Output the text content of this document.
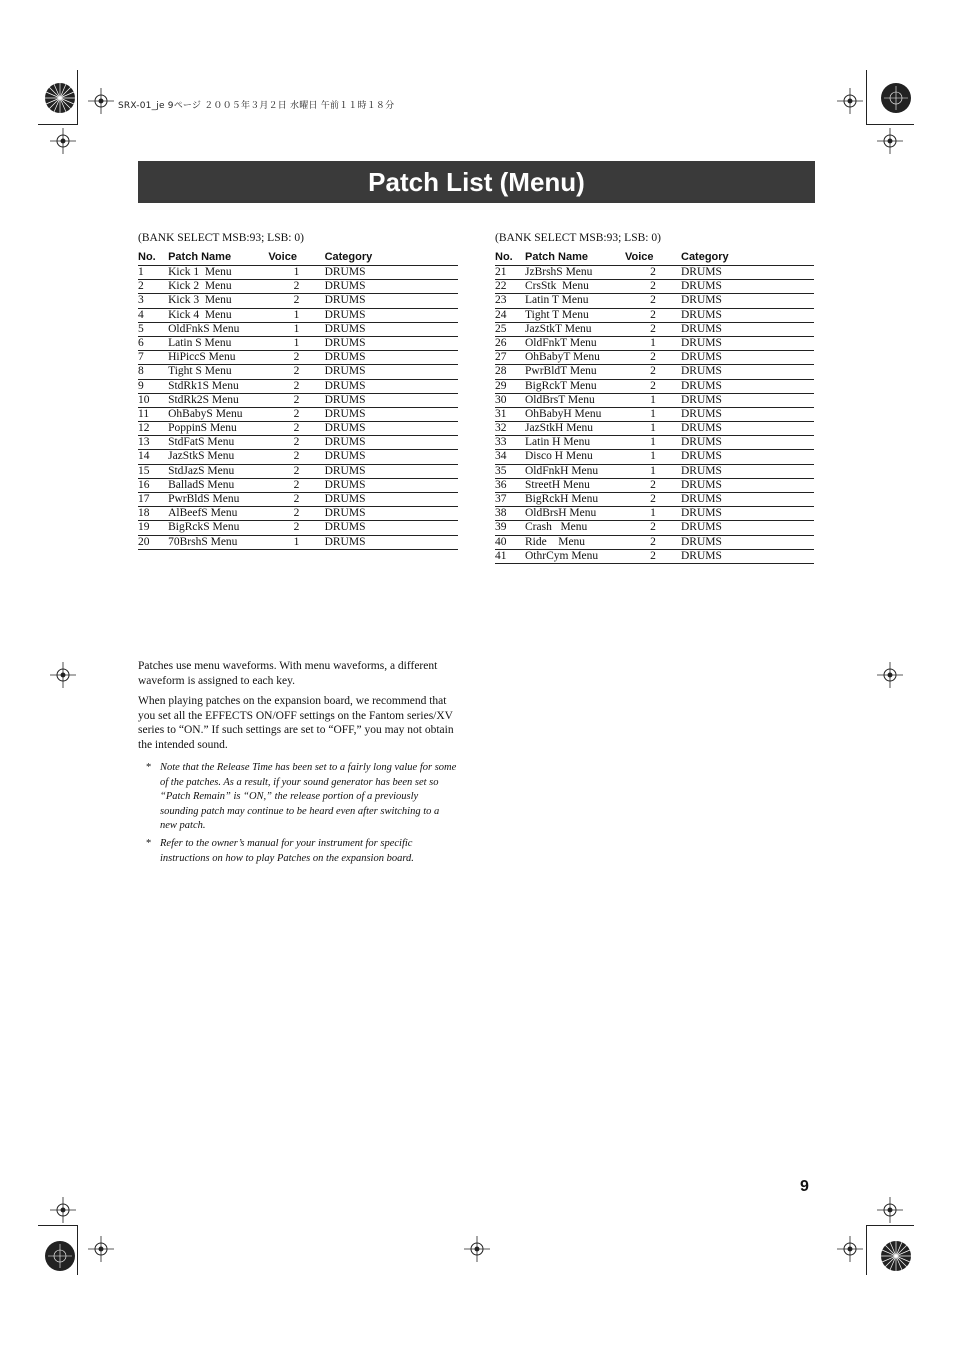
SRX-01_je 9ページ ２００５年３月２日 水曜日 午前１１時１８分
Patch List (Menu)
(BANK SELECT MSB:93; LSB: 0)
No.	Patch Name	Voice	Category
1	Kick 1  Menu	1	DRUMS
2	Kick 2  Menu	2	DRUMS
3	Kick 3  Menu	2	DRUMS
4	Kick 4  Menu	1	DRUMS
5	OldFnkS Menu	1	DRUMS
6	Latin S Menu	1	DRUMS
7	HiPiccS Menu	2	DRUMS
8	Tight S Menu	2	DRUMS
9	StdRk1S Menu	2	DRUMS
10	StdRk2S Menu	2	DRUMS
11	OhBabyS Menu	2	DRUMS
12	PoppinS Menu	2	DRUMS
13	StdFatS Menu	2	DRUMS
14	JazStkS Menu	2	DRUMS
15	StdJazS Menu	2	DRUMS
16	BalladS Menu	2	DRUMS
17	PwrBldS Menu	2	DRUMS
18	AlBeefS Menu	2	DRUMS
19	BigRckS Menu	2	DRUMS
20	70BrshS Menu	1	DRUMS
(BANK SELECT MSB:93; LSB: 0)
No.	Patch Name	Voice	Category
21	JzBrshS Menu	2	DRUMS
22	CrsStk  Menu	2	DRUMS
23	Latin T Menu	2	DRUMS
24	Tight T Menu	2	DRUMS
25	JazStkT Menu	2	DRUMS
26	OldFnkT Menu	1	DRUMS
27	OhBabyT Menu	2	DRUMS
28	PwrBldT Menu	2	DRUMS
29	BigRckT Menu	2	DRUMS
30	OldBrsT Menu	1	DRUMS
31	OhBabyH Menu	1	DRUMS
32	JazStkH Menu	1	DRUMS
33	Latin H Menu	1	DRUMS
34	Disco H Menu	1	DRUMS
35	OldFnkH Menu	1	DRUMS
36	StreetH Menu	2	DRUMS
37	BigRckH Menu	2	DRUMS
38	OldBrsH Menu	1	DRUMS
39	Crash   Menu	2	DRUMS
40	Ride    Menu	2	DRUMS
41	OthrCym Menu	2	DRUMS

Patches use menu waveforms. With menu waveforms, a different waveform is assigned to each key.

When playing patches on the expansion board, we recommend that you set all the EFFECTS ON/OFF settings on the Fantom series/XV series to “ON.” If such settings are set to “OFF,” you may not obtain the intended sound.

* Note that the Release Time has been set to a fairly long value for some of the patches. As a result, if your sound generator has been set so “Patch Remain” is “ON,” the release portion of a previously sounding patch may continue to be heard even after switching to a new patch.
* Refer to the owner’s manual for your instrument for specific instructions on how to play Patches on the expansion board.
9
